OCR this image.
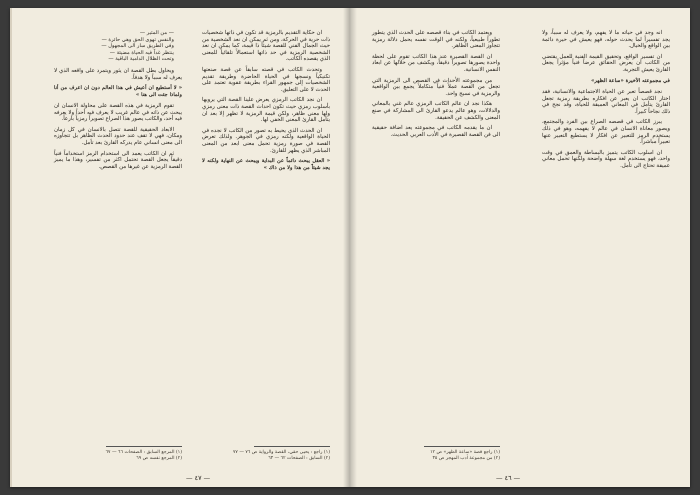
ان حكاية التقديم بالرمزية قد تكون في ذاتها شخصيات ذات حرية في الحركة، ومن ثم يمكن ان نعد الشخصية من حيث الجمال الفني للقصة شيئاً ذا قيمة، كما يمكن ان نعد الشخصية الرمزية في حد ذاتها استعمالاً تلقائياً للمعنى الذي يقصده الكاتب.

وتحدث الكاتب في قصته سابقاً عن قصة صنعتها تكنيكياً ونسجها في الحياة الحاضرة وطريقة تقديم الشخصيات إلى جمهور القراء بطريقة عفوية تعتمد على الحدث لا على التعليق.

ان نجد الكاتب الرمزي يعرض علينا القصة التي يرويها بأسلوب رمزي حيث تكون احداث القصة ذات معنى رمزي ولها معنى ظاهر، ولكن قيمة الرمزية لا تظهر إلا بعد ان يتأمل القارئ المعنى الخفي لها.

ان الحدث الذي يحيط به تصور من الكاتب لا نجده في الحياة الواقعية ولكنه رمزي في الجوهر. ولذلك تعرض القصة في صورة رمزية تحمل معنى ابعد من المعنى المباشر الذي يظهر للقارئ.

« العقل يبحث دائماً عن البداية ويبحث عن النهاية ولكنه لا يجد شيئاً من هذا ولا من ذاك »

— من المثير —
والنفس تهوى الحق وهي حائرة —
وفي الطريق سار الى المجهول —
ينتظر غداً فيه الحياة مضيئة —
وتحت الظلال الدامية الباقية —

ويحاول بطل القصة ان يثور ويتمرد على واقعه الذي لا يعرف له سبباً ولا هدفاً.

« لا أستطيع ان أعيش في هذا العالم دون ان اعرف من أنا ولماذا جئت الى هنا »

تقوم الرمزية في هذه القصة على محاولة الانسان ان يبحث عن ذاته في عالم غريب لا يعرف فيه أحداً ولا يعرفه فيه أحد، والكاتب يصور هذا الصراع تصويراً رمزياً بارعاً.

الابعاد الحقيقية للقصة تتصل بالانسان في كل زمان ومكان، فهي لا تقف عند حدود الحدث الظاهر بل تتجاوزه الى معنى انساني عام يدركه القارئ بعد تأمل.

ثم ان الكاتب يعمد الى استخدام الرمز استخداماً فنياً دقيقاً يجعل القصة تحتمل اكثر من تفسير، وهذا ما يميز القصة الرمزية عن غيرها من القصص.

(١) راجع : يحيى حقي، القصة والرواية ص ٧٦ — ٧٧
(٢) السابق : الصفحات ٦٢ — ٦٣
(١) المرجع السابق : الصفحات ٦٦ — ٦٧
(٢) المرجع نفسه ص ٦٩
— ٤٧ —

انه وجد في حياته ما لا يفهم، ولا يعرف له سبباً، ولا يجد تفسيراً لما يحدث حوله، فهو يعيش في حيرة دائمة بين الواقع والخيال.

ان تفسير الواقع، وتحقيق القيمة الفنية للعمل يقتضي من الكاتب ان يعرض الحقائق عرضاً فنياً مؤثراً يجعل القارئ يعيش التجربة.

في مجموعته الأخيرة «ساعة الظهر»

نجد قصصاً تعبر عن الحياة الاجتماعية والانسانية، فقد اختار الكاتب ان يعبر عن افكاره بطريقة رمزية تجعل القارئ يتأمل في المعاني العميقة للحياة، وقد نجح في ذلك نجاحاً كبيراً.

يبرز الكاتب في قصصه الصراع بين الفرد والمجتمع، ويصور معاناة الانسان في عالم لا يفهمه، وهو في ذلك يستخدم الرمز للتعبير عن افكار لا يستطيع التعبير عنها تعبيراً مباشراً.

ان اسلوب الكاتب يتميز بالبساطة والعمق في وقت واحد، فهو يستخدم لغة سهلة واضحة ولكنها تحمل معاني عميقة تحتاج الى تأمل.

ويعتمد الكاتب في بناء قصصه على الحدث الذي يتطور تطوراً طبيعياً، ولكنه في الوقت نفسه يحمل دلالة رمزية تتجاوز المعنى الظاهر.

ان القصة القصيرة عند هذا الكاتب تقوم على لحظة واحدة يصورها تصويراً دقيقاً، ويكشف من خلالها عن ابعاد النفس الانسانية.

من مجموعته الأحداث في القصص الى الرمزية التي تجعل من القصة عملاً فنياً متكاملاً يجمع بين الواقعية والرمزية في نسيج واحد.

هكذا نجد ان عالم الكاتب الرمزي عالم غني بالمعاني والدلالات، وهو عالم يدعو القارئ الى المشاركة في صنع المعنى والكشف عن الحقيقة.

ان ما يقدمه الكاتب في مجموعته يعد اضافة حقيقية الى فن القصة القصيرة في الأدب العربي الحديث.

(١) راجع قصة «ساعة الظهر» ص ١٢
(٢) من مجموعة أدب المهجر ص ٣٥
— ٤٦ —
